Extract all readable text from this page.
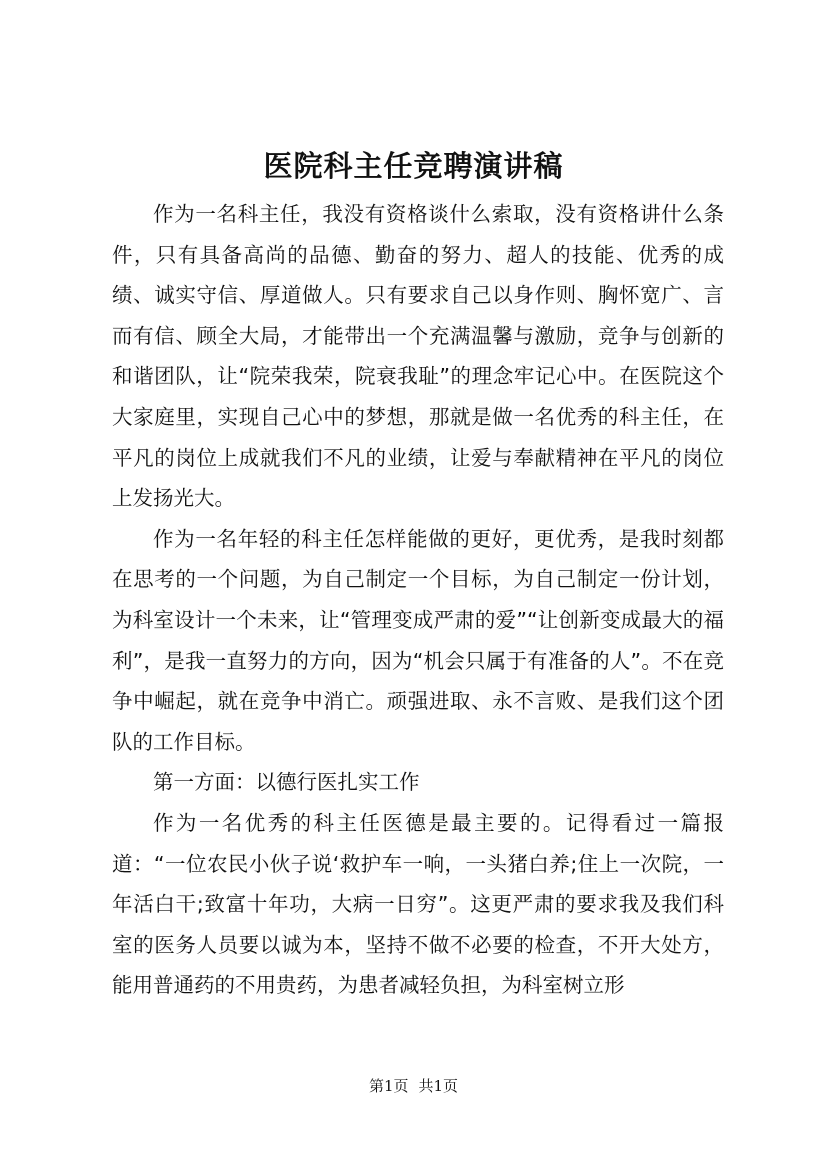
医院科主任竞聘演讲稿

作为一名科主任，我没有资格谈什么索取，没有资格讲什么条件，只有具备高尚的品德、勤奋的努力、超人的技能、优秀的成绩、诚实守信、厚道做人。只有要求自己以身作则、胸怀宽广、言而有信、顾全大局，才能带出一个充满温馨与激励，竞争与创新的和谐团队，让“院荣我荣，院衰我耻”的理念牢记心中。在医院这个大家庭里，实现自己心中的梦想，那就是做一名优秀的科主任，在平凡的岗位上成就我们不凡的业绩，让爱与奉献精神在平凡的岗位上发扬光大。

作为一名年轻的科主任怎样能做的更好，更优秀，是我时刻都在思考的一个问题，为自己制定一个目标，为自己制定一份计划，为科室设计一个未来，让“管理变成严肃的爱”“让创新变成最大的福利”，是我一直努力的方向，因为“机会只属于有准备的人”。不在竞争中崛起，就在竞争中消亡。顽强进取、永不言败、是我们这个团队的工作目标。

第一方面：以德行医扎实工作

作为一名优秀的科主任医德是最主要的。记得看过一篇报道：“一位农民小伙子说‘救护车一响，一头猪白养;住上一次院，一年活白干;致富十年功，大病一日穷”。这更严肃的要求我及我们科室的医务人员要以诚为本，坚持不做不必要的检查，不开大处方，能用普通药的不用贵药，为患者减轻负担，为科室树立形

第1页 共1页
